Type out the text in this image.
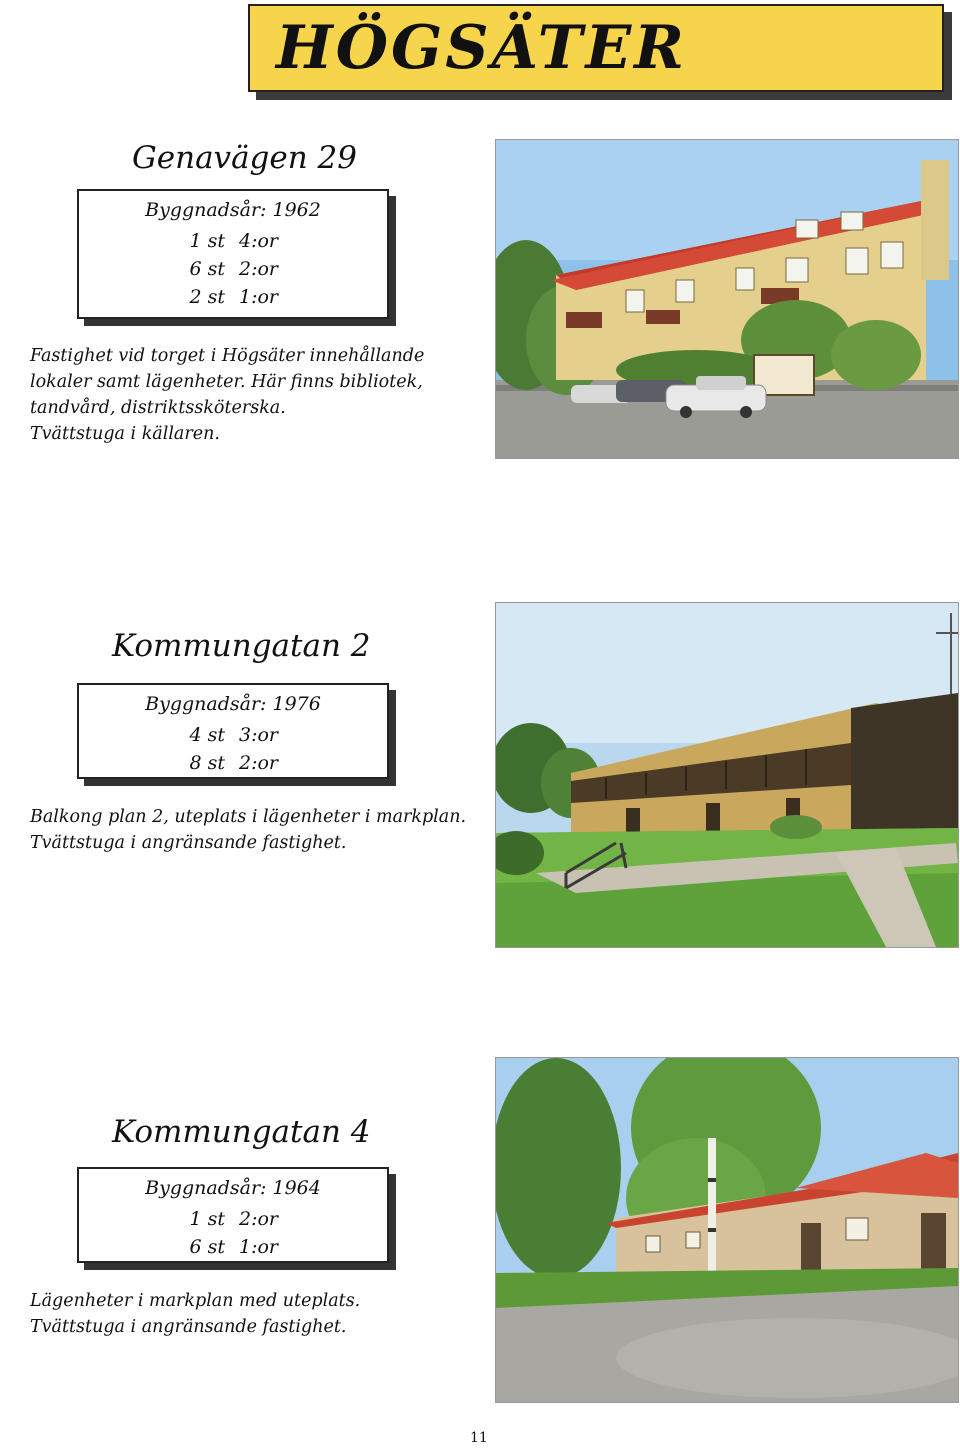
HÖGSÄTER
Genavägen 29
Byggnadsår: 1962
1 st 4:or
6 st 2:or
2 st 1:or
Fastighet vid torget i Högsäter innehållande
lokaler samt lägenheter. Här finns bibliotek,
tandvård, distriktssköterska.
Tvättstuga i källaren.
Kommungatan 2
Byggnadsår: 1976
4 st 3:or
8 st 2:or
Balkong plan 2, uteplats i lägenheter i markplan.
Tvättstuga i angränsande fastighet.
Kommungatan 4
Byggnadsår: 1964
1 st 2:or
6 st 1:or
Lägenheter i markplan med uteplats.
Tvättstuga i angränsande fastighet.
11
